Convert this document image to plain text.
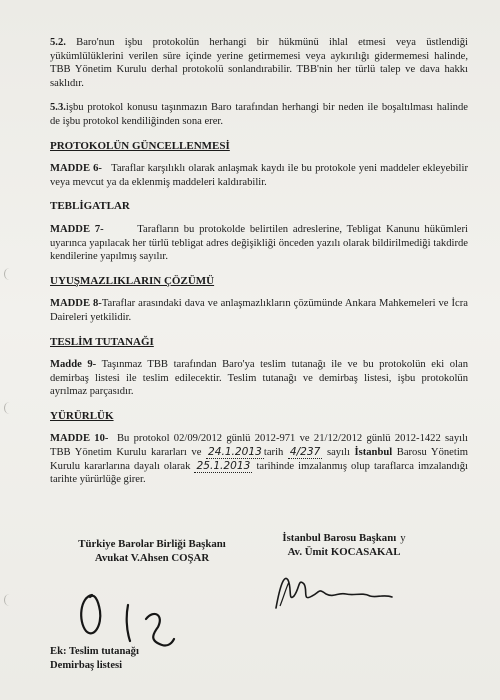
5.2. Baro'nun işbu protokolün herhangi bir hükmünü ihlal etmesi veya üstlendiği yükümlülüklerini verilen süre içinde yerine getirmemesi veya aykırılığı gidermemesi halinde, TBB Yönetim Kurulu derhal protokolü sonlandırabilir. TBB'nin her türlü talep ve dava hakkı saklıdır.

5.3.işbu protokol konusu taşınmazın Baro tarafından herhangi bir neden ile boşaltılması halinde de işbu protokol kendiliğinden sona erer.

PROTOKOLÜN GÜNCELLENMESİ

MADDE 6- Taraflar karşılıklı olarak anlaşmak kaydı ile bu protokole yeni maddeler ekleyebilir veya mevcut ya da eklenmiş maddeleri kaldırabilir.

TEBLİGATLAR

MADDE 7-	Tarafların bu protokolde belirtilen adreslerine, Tebligat Kanunu hükümleri uyarınca yapılacak her türlü tebligat adres değişikliği önceden yazılı olarak bildirilmediği takdirde kendilerine yapılmış sayılır.

UYUŞMAZLIKLARIN ÇÖZÜMÜ

MADDE 8-Taraflar arasındaki dava ve anlaşmazlıkların çözümünde Ankara Mahkemeleri ve İcra Daireleri yetkilidir.

TESLİM TUTANAĞI

Madde 9- Taşınmaz TBB tarafından Baro'ya teslim tutanağı ile ve bu protokolün eki olan demirbaş listesi ile teslim edilecektir. Teslim tutanağı ve demirbaş listesi, işbu protokolün ayrılmaz parçasıdır.

YÜRÜRLÜK

MADDE 10- Bu protokol 02/09/2012 günlü 2012-971 ve 21/12/2012 günlü 2012-1422 sayılı TBB Yönetim Kurulu kararları ve 24.1.2013 tarih 4/237 sayılı İstanbul Barosu Yönetim Kurulu kararlarına dayalı olarak 25.1.2013 tarihinde imzalanmış olup taraflarca imzalandığı tarihte yürürlüğe girer.

Türkiye Barolar Birliği Başkanı
Avukat V.Ahsen COŞAR
İstanbul Barosu Başkanı y
Av. Ümit KOCASAKAL
Ek: Teslim tutanağı
Demirbaş listesi
